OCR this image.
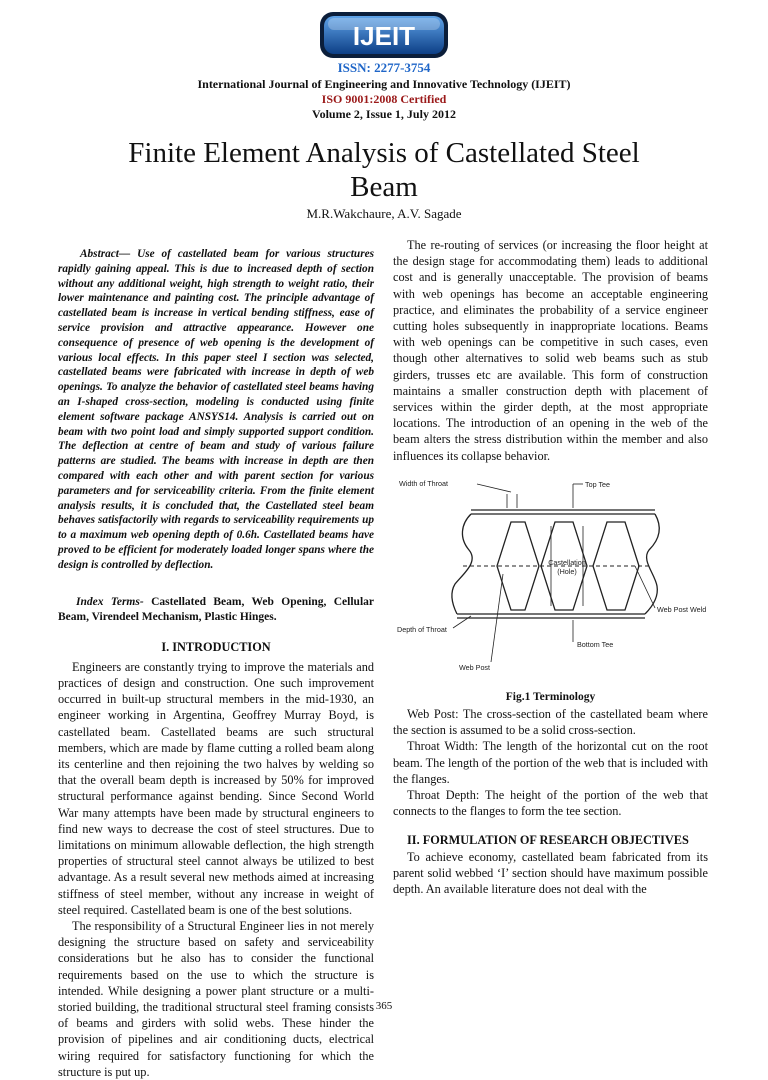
IJEIT
ISSN: 2277-3754
International Journal of Engineering and Innovative Technology (IJEIT)
ISO 9001:2008 Certified
Volume 2, Issue 1, July 2012
Finite Element Analysis of Castellated Steel
Beam
M.R.Wakchaure, A.V. Sagade

Abstract— Use of castellated beam for various structures rapidly gaining appeal. This is due to increased depth of section without any additional weight, high strength to weight ratio, their lower maintenance and painting cost. The principle advantage of castellated beam is increase in vertical bending stiffness, ease of service provision and attractive appearance. However one consequence of presence of web opening is the development of various local effects. In this paper steel I section was selected, castellated beams were fabricated with increase in depth of web openings. To analyze the behavior of castellated steel beams having an I-shaped cross-section, modeling is conducted using finite element software package ANSYS14. Analysis is carried out on beam with two point load and simply supported support condition. The deflection at centre of beam and study of various failure patterns are studied. The beams with increase in depth are then compared with each other and with parent section for various parameters and for serviceability criteria. From the finite element analysis results, it is concluded that, the Castellated steel beam behaves satisfactorily with regards to serviceability requirements up to a maximum web opening depth of 0.6h. Castellated beams have proved to be efficient for moderately loaded longer spans where the design is controlled by deflection.

Index Terms- Castellated Beam, Web Opening, Cellular Beam, Virendeel Mechanism, Plastic Hinges.

I. INTRODUCTION

Engineers are constantly trying to improve the materials and practices of design and construction. One such improvement occurred in built-up structural members in the mid-1930, an engineer working in Argentina, Geoffrey Murray Boyd, is castellated beam. Castellated beams are such structural members, which are made by flame cutting a rolled beam along its centerline and then rejoining the two halves by welding so that the overall beam depth is increased by 50% for improved structural performance against bending. Since Second World War many attempts have been made by structural engineers to find new ways to decrease the cost of steel structures. Due to limitations on minimum allowable deflection, the high strength properties of structural steel cannot always be utilized to best advantage. As a result several new methods aimed at increasing stiffness of steel member, without any increase in weight of steel required. Castellated beam is one of the best solutions.

The responsibility of a Structural Engineer lies in not merely designing the structure based on safety and serviceability considerations but he also has to consider the functional requirements based on the use to which the structure is intended. While designing a power plant structure or a multi-storied building, the traditional structural steel framing consists of beams and girders with solid webs. These hinder the provision of pipelines and air conditioning ducts, electrical wiring required for satisfactory functioning for which the structure is put up.

The re-routing of services (or increasing the floor height at the design stage for accommodating them) leads to additional cost and is generally unacceptable. The provision of beams with web openings has become an acceptable engineering practice, and eliminates the probability of a service engineer cutting holes subsequently in inappropriate locations. Beams with web openings can be competitive in such cases, even though other alternatives to solid web beams such as stub girders, trusses etc are available. This form of construction maintains a smaller construction depth with placement of services within the girder depth, at the most appropriate locations. The introduction of an opening in the web of the beam alters the stress distribution within the member and also influences its collapse behavior.

Width of Throat	Top Tee
Castellation
(Hole)
Web Post Weld
Depth of Throat
Bottom Tee
Web Post

Fig.1 Terminology

Web Post: The cross-section of the castellated beam where the section is assumed to be a solid cross-section.

Throat Width: The length of the horizontal cut on the root beam. The length of the portion of the web that is included with the flanges.

Throat Depth: The height of the portion of the web that connects to the flanges to form the tee section.

II. FORMULATION OF RESEARCH OBJECTIVES

To achieve economy, castellated beam fabricated from its parent solid webbed ‘I’ section should have maximum possible depth. An available literature does not deal with the

365
